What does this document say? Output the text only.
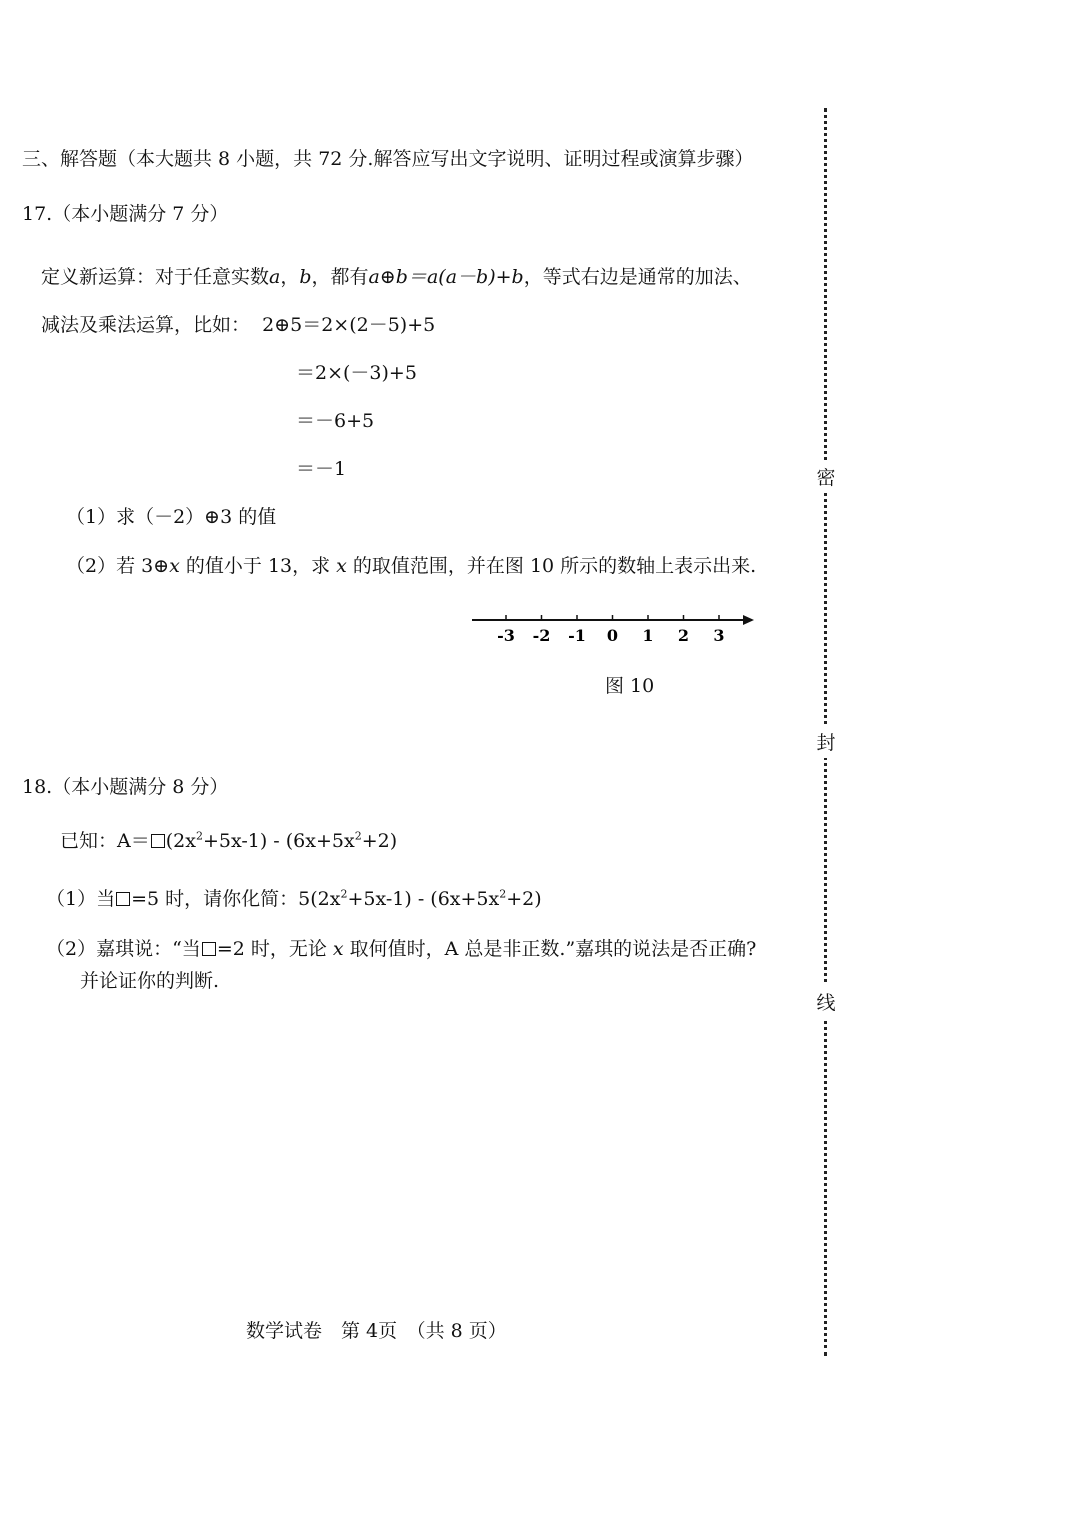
三、解答题（本大题共 8 小题，共 72 分.解答应写出文字说明、证明过程或演算步骤）
17.（本小题满分 7 分）
定义新运算：对于任意实数a，b，都有a⊕b＝a(a－b)+b，等式右边是通常的加法、
减法及乘法运算，比如： 2⊕5＝2×(2－5)+5
＝2×(－3)+5
＝－6+5
＝－1
（1）求（－2）⊕3 的值
（2）若 3⊕x 的值小于 13，求 x 的取值范围，并在图 10 所示的数轴上表示出来.
-3 -2 -1 0 1 2 3
图 10
18.（本小题满分 8 分）
已知：$A= (2x^2+5x-1) - (6x+5x^2+2)$
（1）当 =5 时，请你化简：$5(2x^2+5x-1) - (6x+5x^2+2)$
（2）嘉琪说：“当 =2 时，无论 x 取何值时，A 总是非正数.”嘉琪的说法是否正确?
并论证你的判断.
数学试卷　第 4页　（共 8 页）
密
封
线
